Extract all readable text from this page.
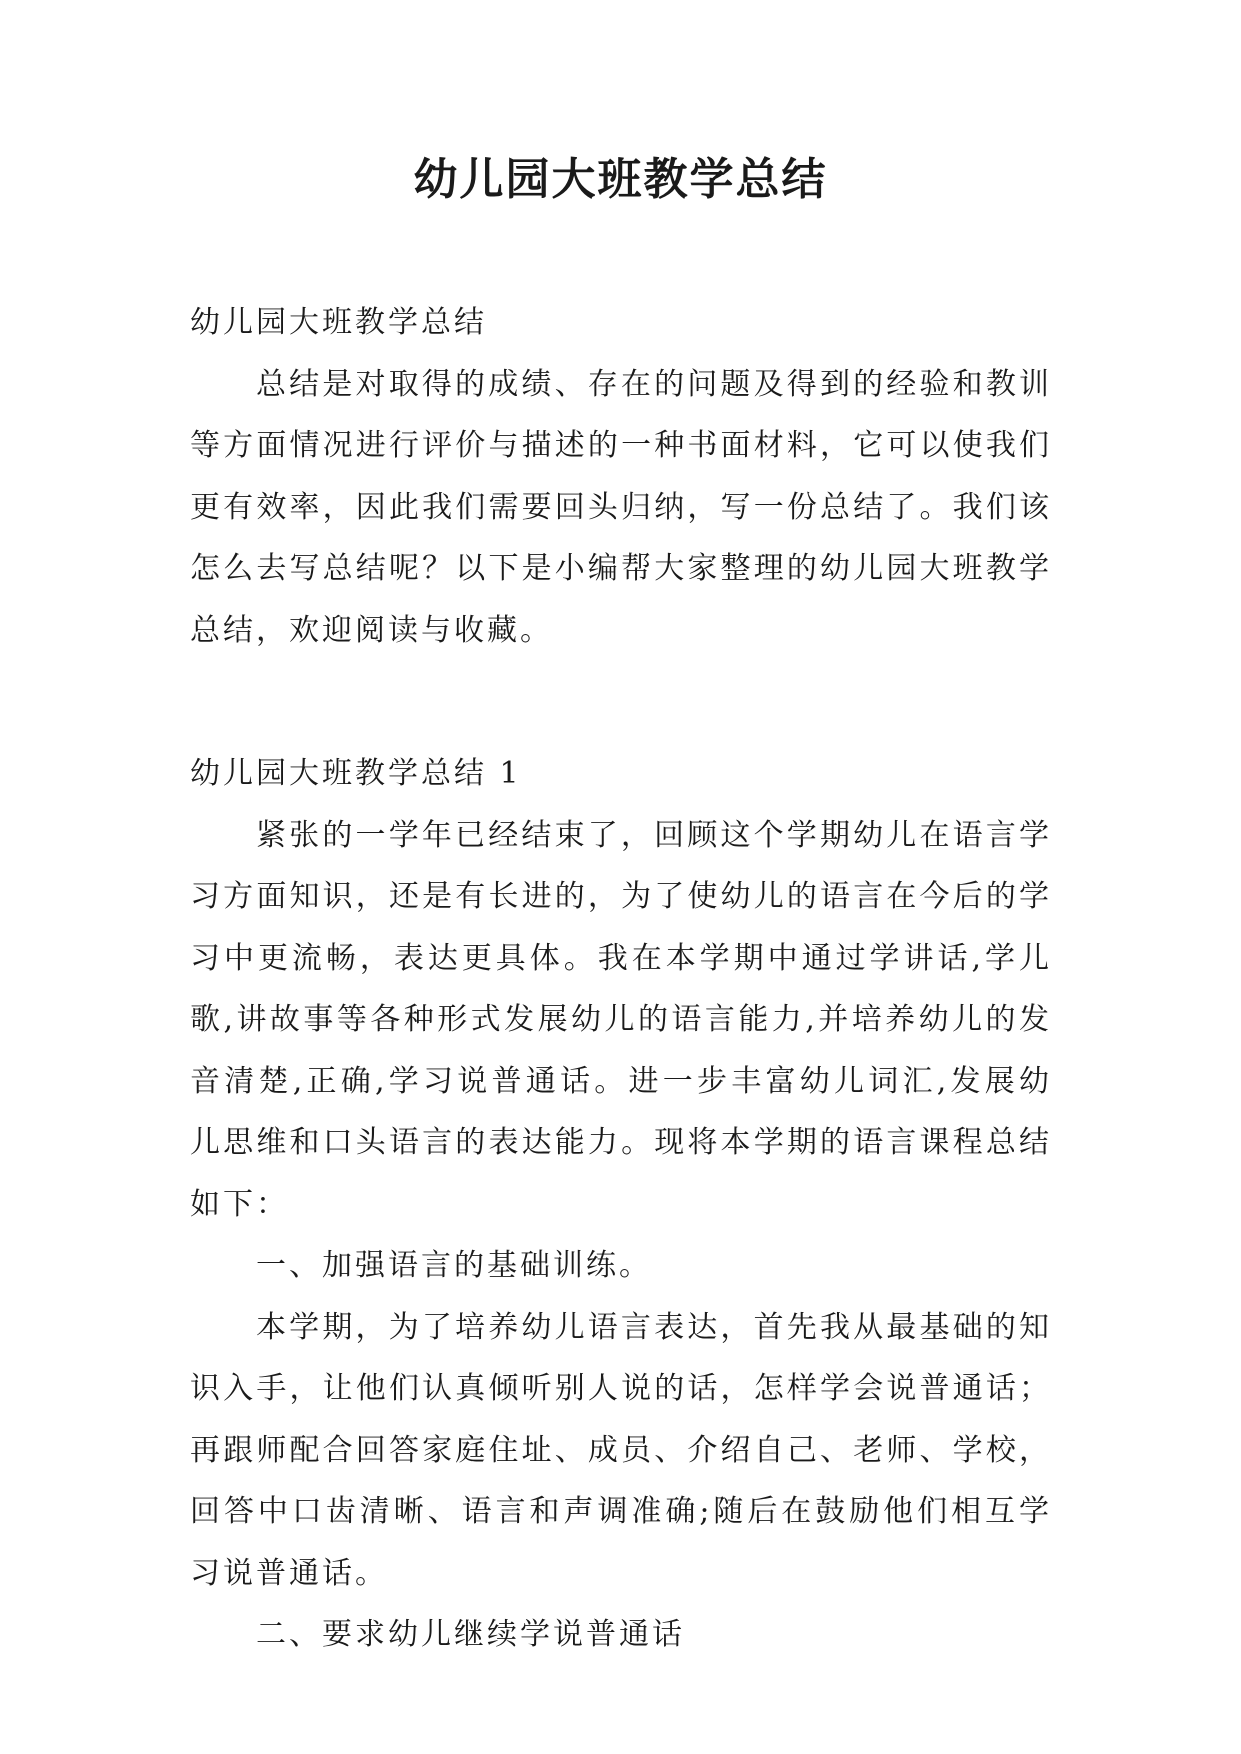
幼儿园大班教学总结

幼儿园大班教学总结

总结是对取得的成绩、存在的问题及得到的经验和教训等方面情况进行评价与描述的一种书面材料，它可以使我们更有效率，因此我们需要回头归纳，写一份总结了。我们该怎么去写总结呢？以下是小编帮大家整理的幼儿园大班教学总结，欢迎阅读与收藏。

幼儿园大班教学总结 1

紧张的一学年已经结束了，回顾这个学期幼儿在语言学习方面知识，还是有长进的，为了使幼儿的语言在今后的学习中更流畅，表达更具体。我在本学期中通过学讲话,学儿歌,讲故事等各种形式发展幼儿的语言能力,并培养幼儿的发音清楚,正确,学习说普通话。进一步丰富幼儿词汇,发展幼儿思维和口头语言的表达能力。现将本学期的语言课程总结如下：

一、加强语言的基础训练。

本学期，为了培养幼儿语言表达，首先我从最基础的知识入手，让他们认真倾听别人说的话，怎样学会说普通话；再跟师配合回答家庭住址、成员、介绍自己、老师、学校，回答中口齿清晰、语言和声调准确;随后在鼓励他们相互学习说普通话。

二、要求幼儿继续学说普通话
